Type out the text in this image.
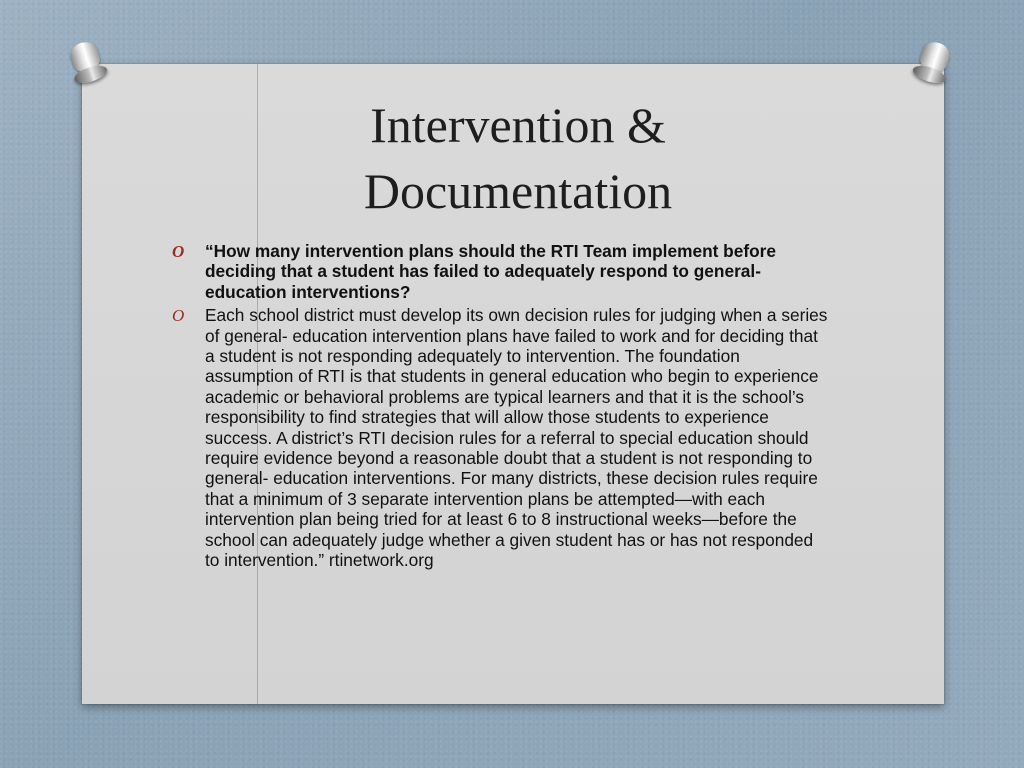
Intervention &
Documentation
O “How many intervention plans should the RTI Team implement before deciding that a student has failed to adequately respond to general-education interventions?
O Each school district must develop its own decision rules for judging when a series of general- education intervention plans have failed to work and for deciding that a student is not responding adequately to intervention. The foundation assumption of RTI is that students in general education who begin to experience academic or behavioral problems are typical learners and that it is the school’s responsibility to find strategies that will allow those students to experience success. A district’s RTI decision rules for a referral to special education should require evidence beyond a reasonable doubt that a student is not responding to general- education interventions. For many districts, these decision rules require that a minimum of 3 separate intervention plans be attempted—with each intervention plan being tried for at least 6 to 8 instructional weeks—before the school can adequately judge whether a given student has or has not responded to intervention.” rtinetwork.org
